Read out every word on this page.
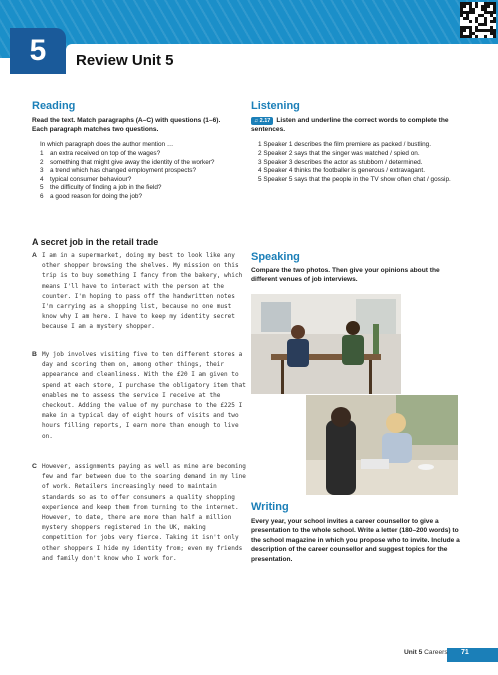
5	Review Unit 5
Reading
Read the text. Match paragraphs (A–C) with questions (1–6). Each paragraph matches two questions.
In which paragraph does the author mention …
1 an extra received on top of the wages?
2 something that might give away the identity of the worker?
3 a trend which has changed employment prospects?
4 typical consumer behaviour?
5 the difficulty of finding a job in the field?
6 a good reason for doing the job?
A secret job in the retail trade
A I am in a supermarket, doing my best to look like any other shopper browsing the shelves. My mission on this trip is to buy something I fancy from the bakery, which means I'll have to interact with the person at the counter. I'm hoping to pass off the handwritten notes I'm carrying as a shopping list, because no one must know why I am here. I have to keep my identity secret because I am a mystery shopper.
B My job involves visiting five to ten different stores a day and scoring them on, among other things, their appearance and cleanliness. With the £20 I am given to spend at each store, I purchase the obligatory item that enables me to assess the service I receive at the checkout. Adding the value of my purchase to the £225 I make in a typical day of eight hours of visits and two hours filling reports, I earn more than enough to live on.
C However, assignments paying as well as mine are becoming few and far between due to the soaring demand in my line of work. Retailers increasingly need to maintain standards so as to offer consumers a quality shopping experience and keep them from turning to the internet. However, to date, there are more than half a million mystery shoppers registered in the UK, making competition for jobs very fierce. Taking it isn't only other shoppers I hide my identity from; even my friends and family don't know who I work for.
Listening
♫ 2.17 Listen and underline the correct words to complete the sentences.
1 Speaker 1 describes the film premiere as packed / bustling.
2 Speaker 2 says that the singer was watched / spied on.
3 Speaker 3 describes the actor as stubborn / determined.
4 Speaker 4 thinks the footballer is generous / extravagant.
5 Speaker 5 says that the people in the TV show often chat / gossip.
Speaking
Compare the two photos. Then give your opinions about the different venues of job interviews.
Writing
Every year, your school invites a career counsellor to give a presentation to the whole school. Write a letter (180–200 words) to the school magazine in which you propose who to invite. Include a description of the career counsellor and suggest topics for the presentation.
Unit 5 Careers 71
